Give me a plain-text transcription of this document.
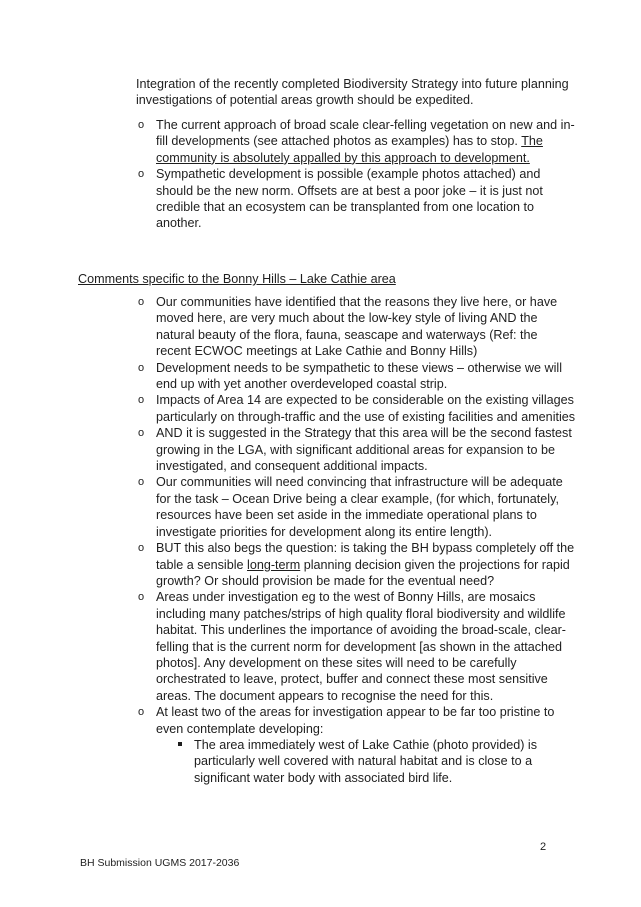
Integration of the recently completed Biodiversity Strategy into future planning investigations of potential areas growth should be expedited.

o The current approach of broad scale clear-felling vegetation on new and in-fill developments (see attached photos as examples) has to stop. The community is absolutely appalled by this approach to development.
o Sympathetic development is possible (example photos attached) and should be the new norm. Offsets are at best a poor joke – it is just not credible that an ecosystem can be transplanted from one location to another.
Comments specific to the Bonny Hills – Lake Cathie area
o Our communities have identified that the reasons they live here, or have moved here, are very much about the low-key style of living AND the natural beauty of the flora, fauna, seascape and waterways (Ref: the recent ECWOC meetings at Lake Cathie and Bonny Hills)
o Development needs to be sympathetic to these views – otherwise we will end up with yet another overdeveloped coastal strip.
o Impacts of Area 14 are expected to be considerable on the existing villages particularly on through-traffic and the use of existing facilities and amenities
o AND it is suggested in the Strategy that this area will be the second fastest growing in the LGA, with significant additional areas for expansion to be investigated, and consequent additional impacts.
o Our communities will need convincing that infrastructure will be adequate for the task – Ocean Drive being a clear example, (for which, fortunately, resources have been set aside in the immediate operational plans to investigate priorities for development along its entire length).
o BUT this also begs the question: is taking the BH bypass completely off the table a sensible long-term planning decision given the projections for rapid growth? Or should provision be made for the eventual need?
o Areas under investigation eg to the west of Bonny Hills, are mosaics including many patches/strips of high quality floral biodiversity and wildlife habitat. This underlines the importance of avoiding the broad-scale, clear-felling that is the current norm for development [as shown in the attached photos]. Any development on these sites will need to be carefully orchestrated to leave, protect, buffer and connect these most sensitive areas. The document appears to recognise the need for this.
o At least two of the areas for investigation appear to be far too pristine to even contemplate developing:
The area immediately west of Lake Cathie (photo provided) is particularly well covered with natural habitat and is close to a significant water body with associated bird life.
2
BH Submission UGMS 2017-2036
